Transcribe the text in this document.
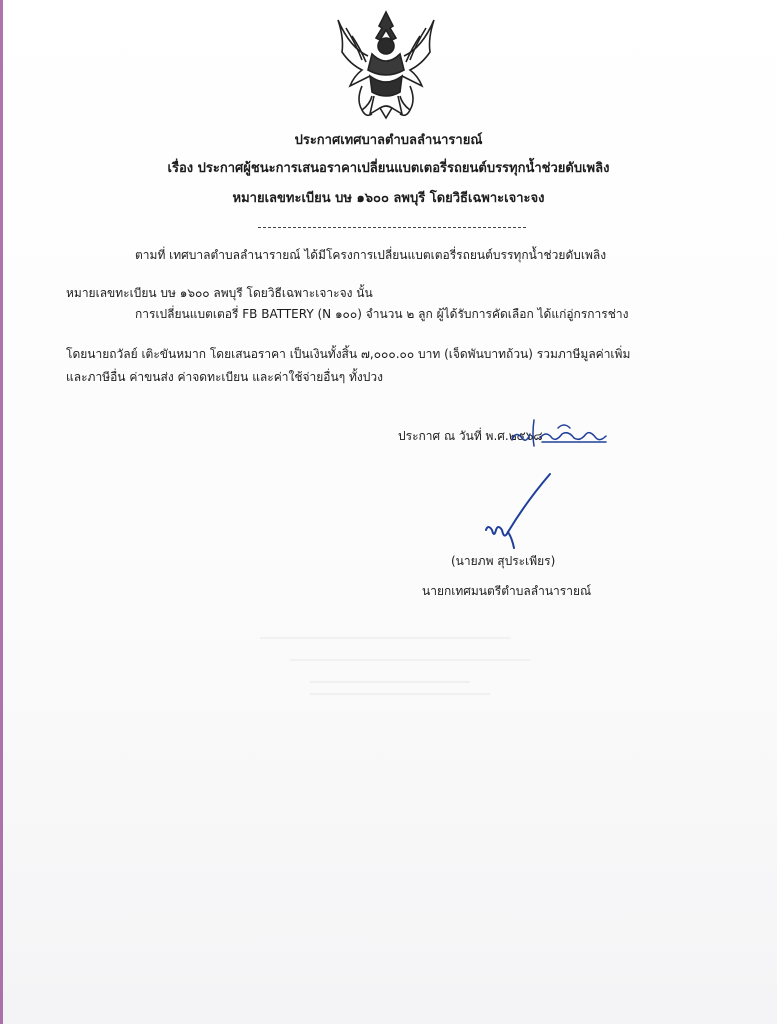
ประกาศเทศบาลตำบลลำนารายณ์
เรื่อง ประกาศผู้ชนะการเสนอราคาเปลี่ยนแบตเตอรี่รถยนต์บรรทุกน้ำช่วยดับเพลิง
หมายเลขทะเบียน บษ ๑๖๐๐ ลพบุรี โดยวิธีเฉพาะเจาะจง
ตามที่ เทศบาลตำบลลำนารายณ์ ได้มีโครงการเปลี่ยนแบตเตอรี่รถยนต์บรรทุกน้ำช่วยดับเพลิง
หมายเลขทะเบียน บษ ๑๖๐๐ ลพบุรี โดยวิธีเฉพาะเจาะจง นั้น
การเปลี่ยนแบตเตอรี่ FB BATTERY (N ๑๐๐) จำนวน ๒ ลูก ผู้ได้รับการคัดเลือก ได้แก่อู่กรการช่าง
โดยนายถวัลย์ เติะขันหมาก โดยเสนอราคา เป็นเงินทั้งสิ้น ๗,๐๐๐.๐๐ บาท (เจ็ดพันบาทถ้วน) รวมภาษีมูลค่าเพิ่ม
และภาษีอื่น ค่าขนส่ง ค่าจดทะเบียน และค่าใช้จ่ายอื่นๆ ทั้งปวง
ประกาศ ณ วันที่ พ.ศ.๒๕๖๘
(นายภพ สุประเพียร)
นายกเทศมนตรีตำบลลำนารายณ์
